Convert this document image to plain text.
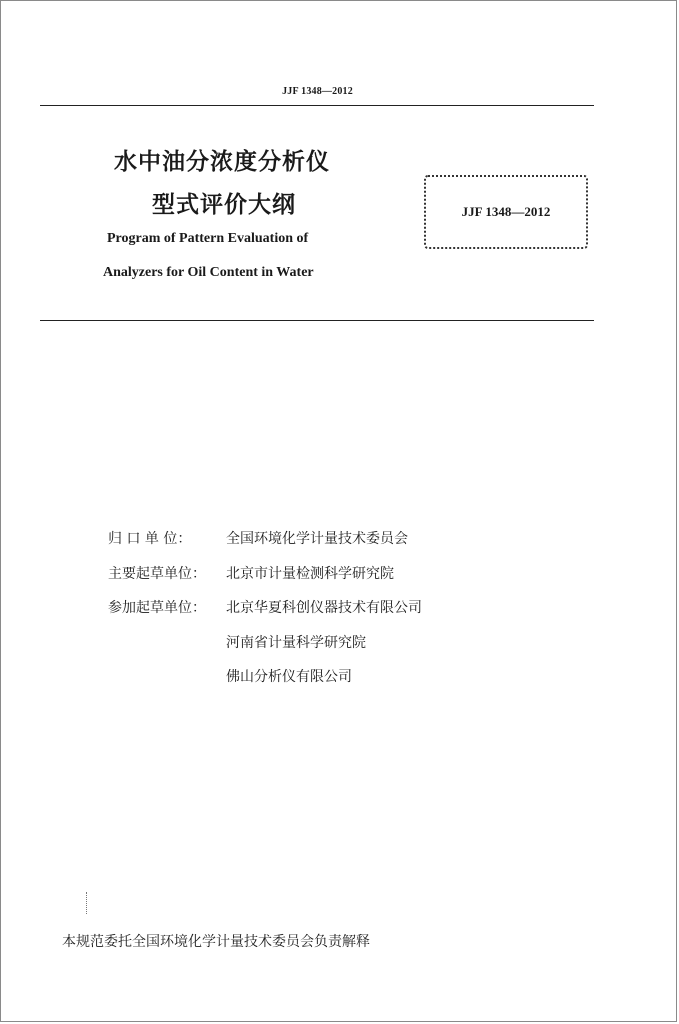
JJF 1348—2012
水中油分浓度分析仪
型式评价大纲
Program of Pattern Evaluation of
Analyzers for Oil Content in Water
JJF 1348—2012
归 口 单 位： 全国环境化学计量技术委员会
主要起草单位： 北京市计量检测科学研究院
参加起草单位： 北京华夏科创仪器技术有限公司
河南省计量科学研究院
佛山分析仪有限公司
本规范委托全国环境化学计量技术委员会负责解释
